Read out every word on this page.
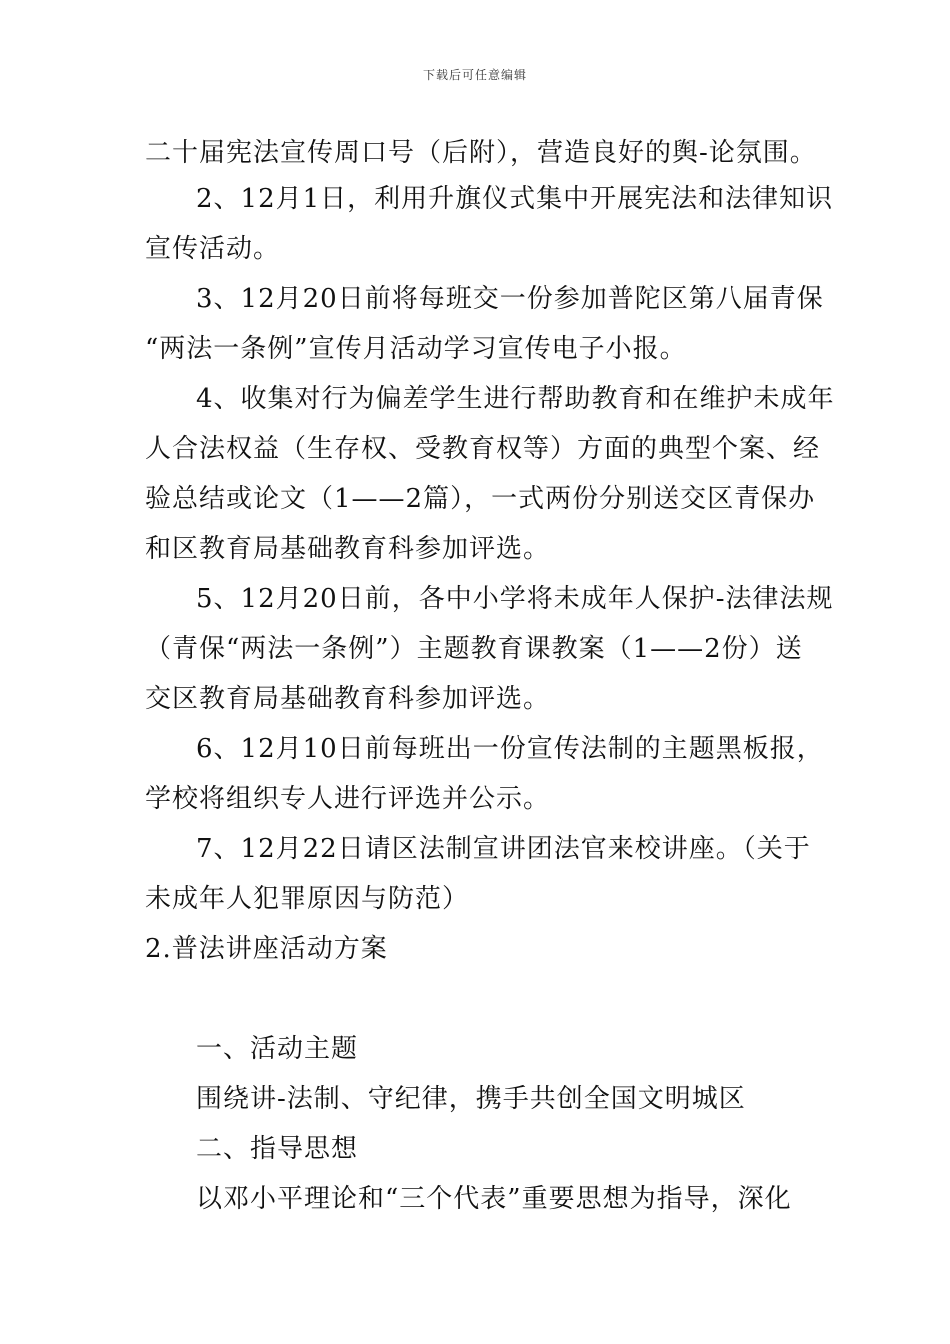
下载后可任意编辑
二十届宪法宣传周口号（后附），营造良好的舆-论氛围。
2、12月1日，利用升旗仪式集中开展宪法和法律知识
宣传活动。
3、12月20日前将每班交一份参加普陀区第八届青保
“两法一条例”宣传月活动学习宣传电子小报。
4、收集对行为偏差学生进行帮助教育和在维护未成年
人合法权益（生存权、受教育权等）方面的典型个案、经
验总结或论文（1——2篇），一式两份分别送交区青保办
和区教育局基础教育科参加评选。
5、12月20日前，各中小学将未成年人保护-法律法规
（青保“两法一条例”）主题教育课教案（1——2份）送
交区教育局基础教育科参加评选。
6、12月10日前每班出一份宣传法制的主题黑板报，
学校将组织专人进行评选并公示。
7、12月22日请区法制宣讲团法官来校讲座。（关于
未成年人犯罪原因与防范）
2.普法讲座活动方案
一、活动主题
围绕讲-法制、守纪律，携手共创全国文明城区
二、指导思想
以邓小平理论和“三个代表”重要思想为指导，深化
